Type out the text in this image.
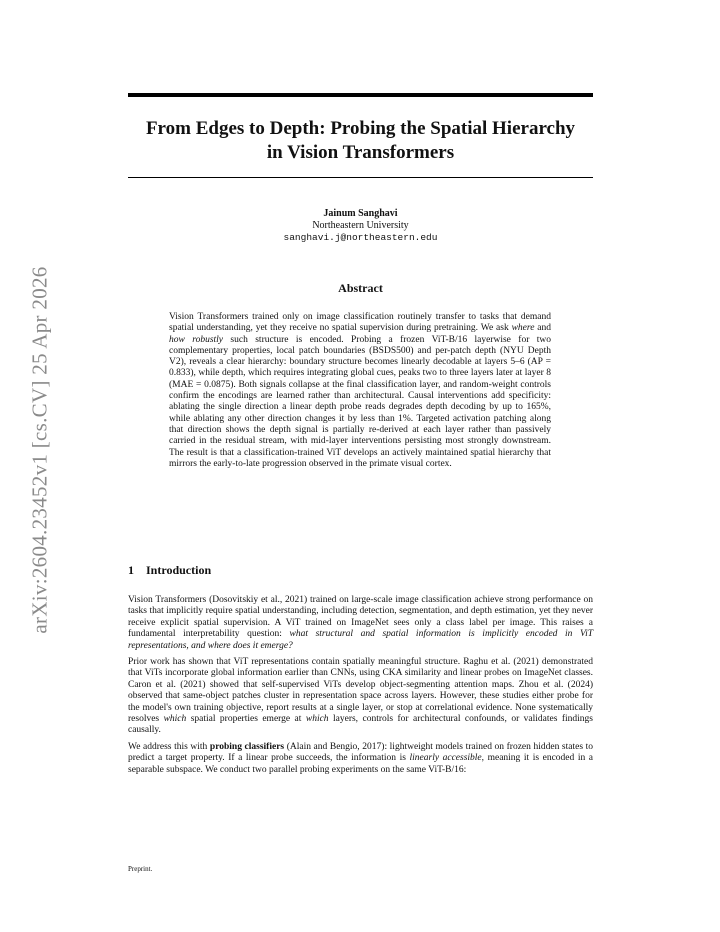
arXiv:2604.23452v1 [cs.CV] 25 Apr 2026
From Edges to Depth: Probing the Spatial Hierarchy
in Vision Transformers
Jainum Sanghavi
Northeastern University
sanghavi.j@northeastern.edu
Abstract

Vision Transformers trained only on image classification routinely transfer to tasks that demand spatial understanding, yet they receive no spatial supervision during pretraining. We ask where and how robustly such structure is encoded. Probing a frozen ViT-B/16 layerwise for two complementary properties, local patch boundaries (BSDS500) and per-patch depth (NYU Depth V2), reveals a clear hierarchy: boundary structure becomes linearly decodable at layers 5–6 (AP = 0.833), while depth, which requires integrating global cues, peaks two to three layers later at layer 8 (MAE = 0.0875). Both signals collapse at the final classification layer, and random-weight controls confirm the encodings are learned rather than architectural. Causal interventions add specificity: ablating the single direction a linear depth probe reads degrades depth decoding by up to 165%, while ablating any other direction changes it by less than 1%. Targeted activation patching along that direction shows the depth signal is partially re-derived at each layer rather than passively carried in the residual stream, with mid-layer interventions persisting most strongly downstream. The result is that a classification-trained ViT develops an actively maintained spatial hierarchy that mirrors the early-to-late progression observed in the primate visual cortex.

1 Introduction

Vision Transformers (Dosovitskiy et al., 2021) trained on large-scale image classification achieve strong performance on tasks that implicitly require spatial understanding, including detection, segmentation, and depth estimation, yet they never receive explicit spatial supervision. A ViT trained on ImageNet sees only a class label per image. This raises a fundamental interpretability question: what structural and spatial information is implicitly encoded in ViT representations, and where does it emerge?

Prior work has shown that ViT representations contain spatially meaningful structure. Raghu et al. (2021) demonstrated that ViTs incorporate global information earlier than CNNs, using CKA similarity and linear probes on ImageNet classes. Caron et al. (2021) showed that self-supervised ViTs develop object-segmenting attention maps. Zhou et al. (2024) observed that same-object patches cluster in representation space across layers. However, these studies either probe for the model's own training objective, report results at a single layer, or stop at correlational evidence. None systematically resolves which spatial properties emerge at which layers, controls for architectural confounds, or validates findings causally.

We address this with probing classifiers (Alain and Bengio, 2017): lightweight models trained on frozen hidden states to predict a target property. If a linear probe succeeds, the information is linearly accessible, meaning it is encoded in a separable subspace. We conduct two parallel probing experiments on the same ViT-B/16:

Preprint.
